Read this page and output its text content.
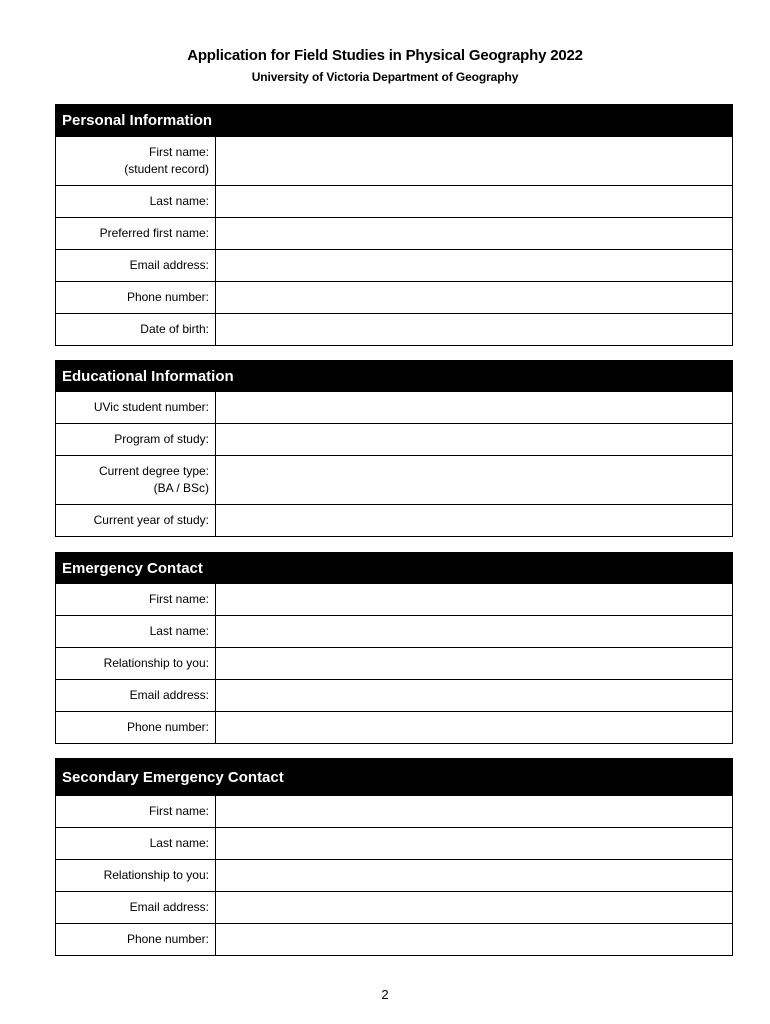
Application for Field Studies in Physical Geography 2022
University of Victoria Department of Geography
Personal Information
First name:
(student record)
Last name:
Preferred first name:
Email address:
Phone number:
Date of birth:
Educational Information
UVic student number:
Program of study:
Current degree type:
(BA / BSc)
Current year of study:
Emergency Contact
First name:
Last name:
Relationship to you:
Email address:
Phone number:
Secondary Emergency Contact
First name:
Last name:
Relationship to you:
Email address:
Phone number:
2
